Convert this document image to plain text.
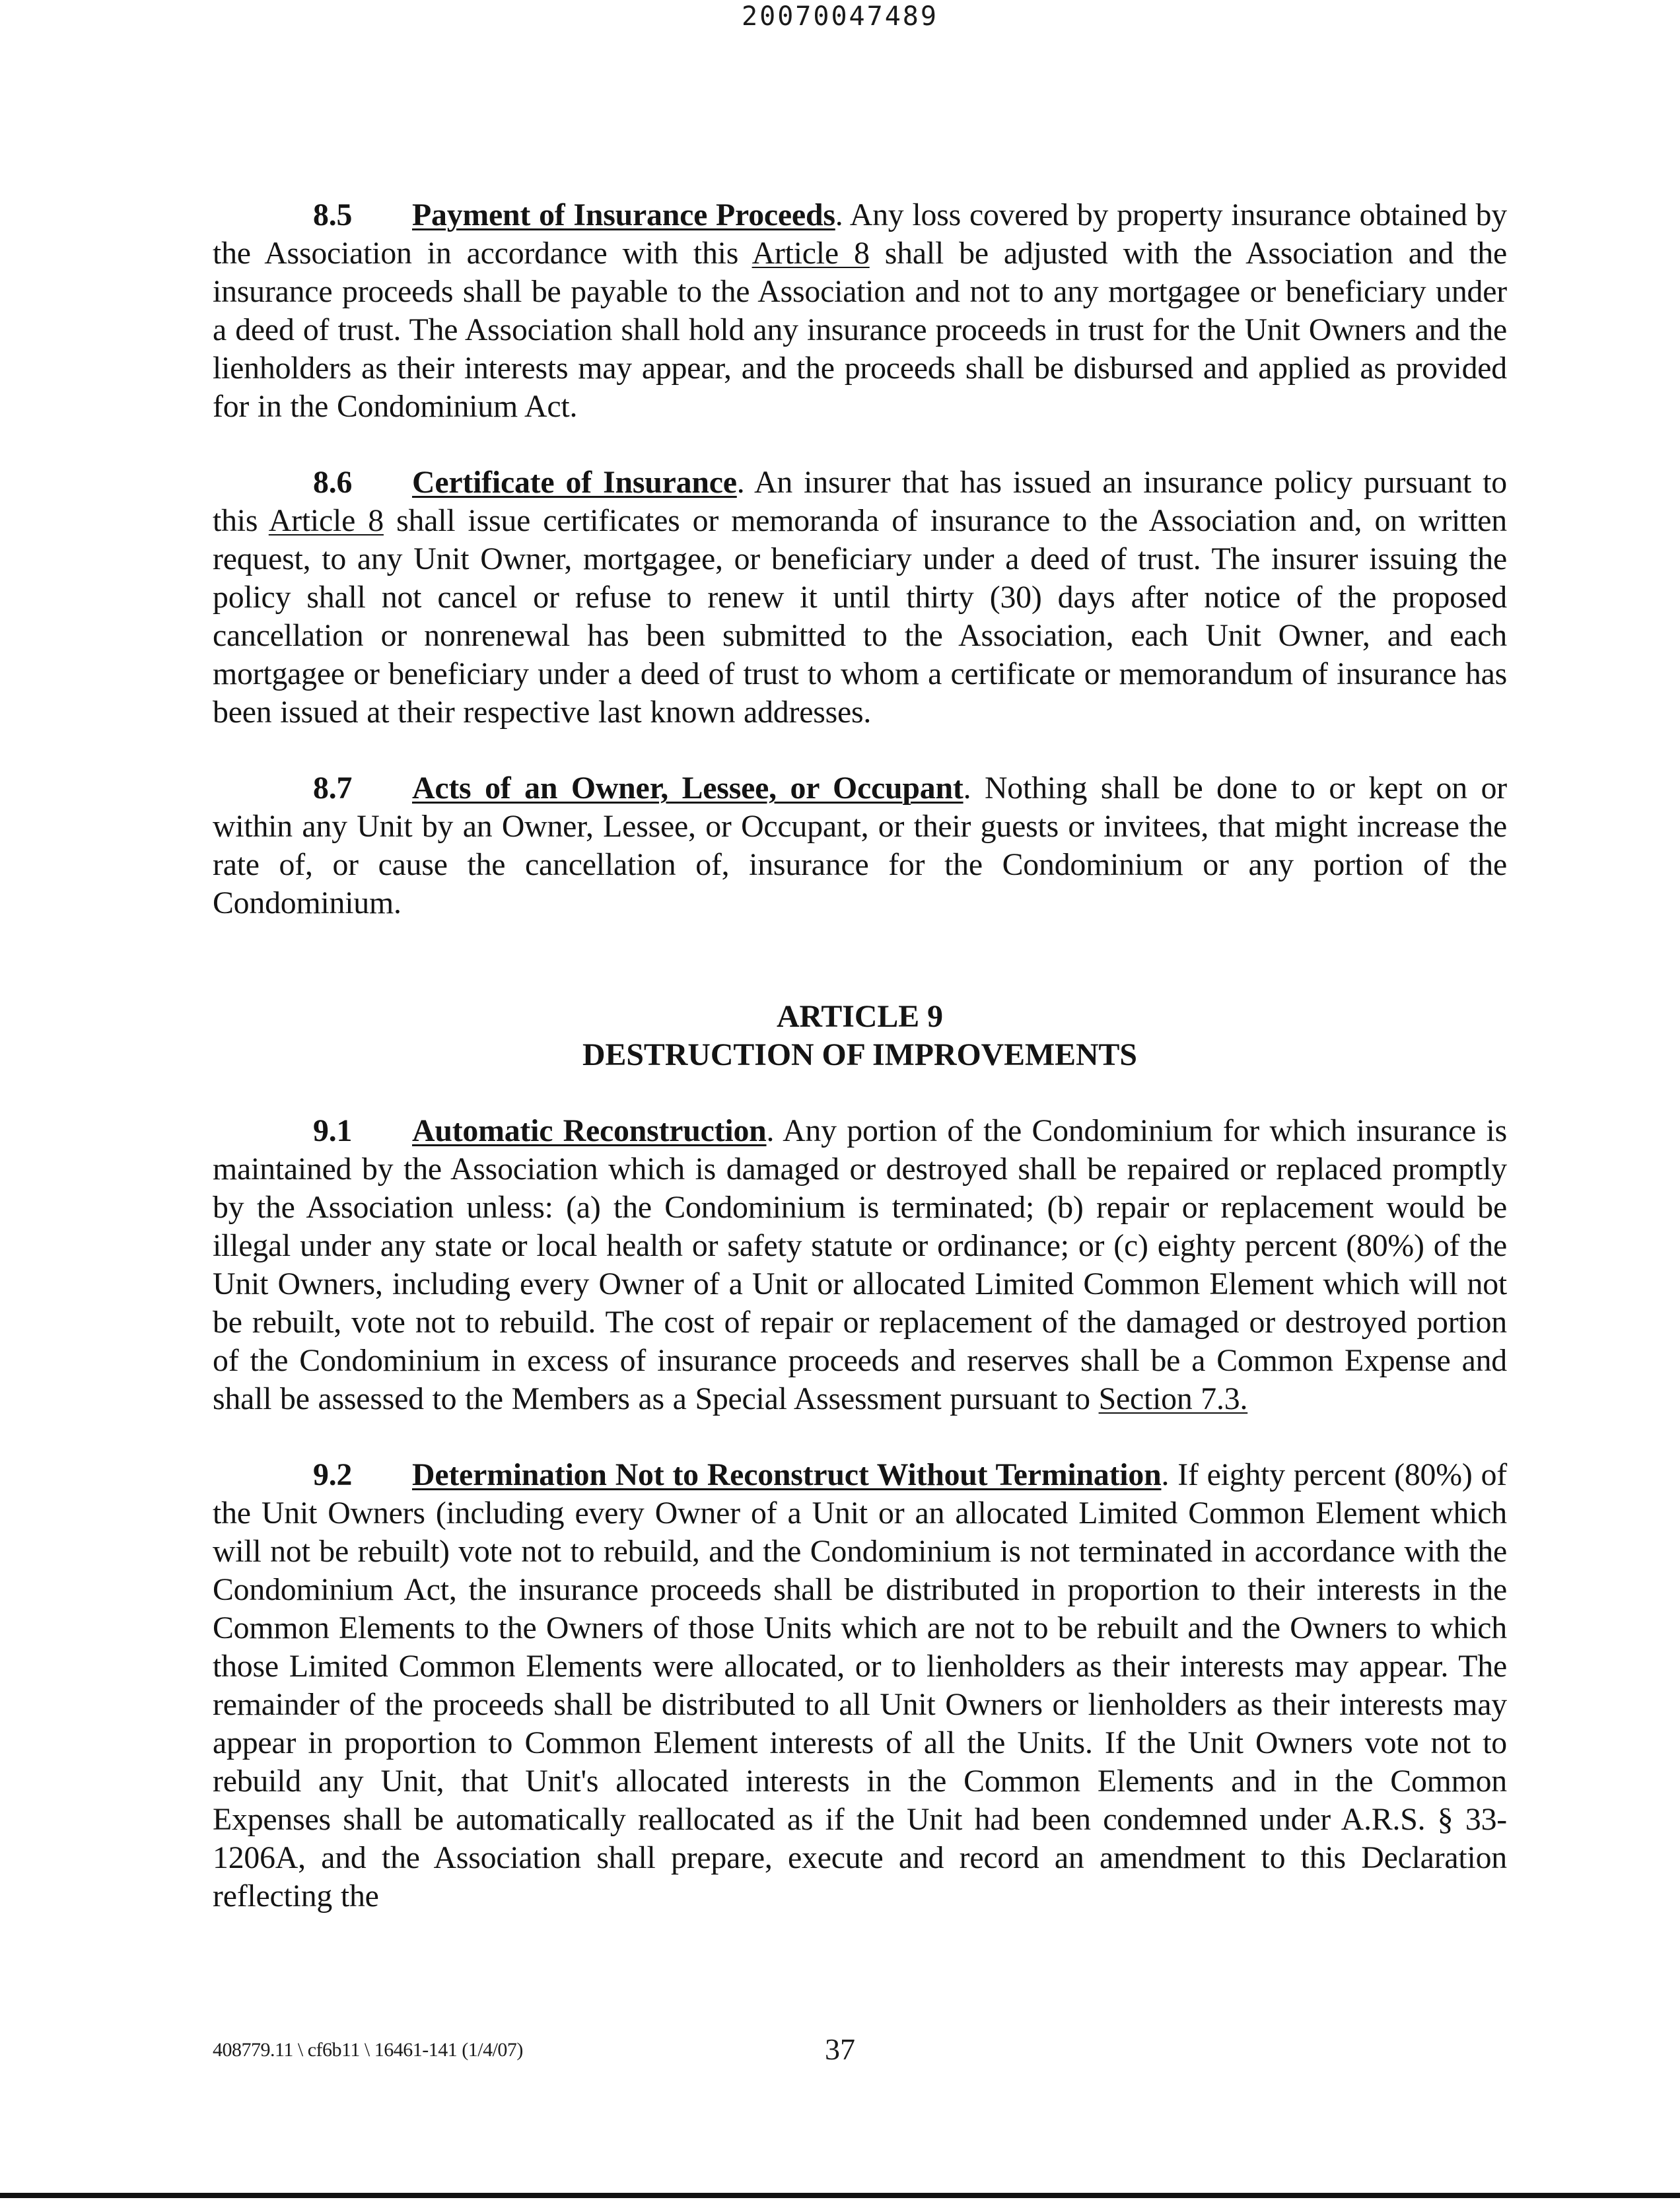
20070047489

8.5 Payment of Insurance Proceeds. Any loss covered by property insurance obtained by the Association in accordance with this Article 8 shall be adjusted with the Association and the insurance proceeds shall be payable to the Association and not to any mortgagee or beneficiary under a deed of trust. The Association shall hold any insurance proceeds in trust for the Unit Owners and the lienholders as their interests may appear, and the proceeds shall be disbursed and applied as provided for in the Condominium Act.

8.6 Certificate of Insurance. An insurer that has issued an insurance policy pursuant to this Article 8 shall issue certificates or memoranda of insurance to the Association and, on written request, to any Unit Owner, mortgagee, or beneficiary under a deed of trust. The insurer issuing the policy shall not cancel or refuse to renew it until thirty (30) days after notice of the proposed cancellation or nonrenewal has been submitted to the Association, each Unit Owner, and each mortgagee or beneficiary under a deed of trust to whom a certificate or memorandum of insurance has been issued at their respective last known addresses.

8.7 Acts of an Owner, Lessee, or Occupant. Nothing shall be done to or kept on or within any Unit by an Owner, Lessee, or Occupant, or their guests or invitees, that might increase the rate of, or cause the cancellation of, insurance for the Condominium or any portion of the Condominium.

ARTICLE 9

DESTRUCTION OF IMPROVEMENTS

9.1 Automatic Reconstruction. Any portion of the Condominium for which insurance is maintained by the Association which is damaged or destroyed shall be repaired or replaced promptly by the Association unless: (a) the Condominium is terminated; (b) repair or replacement would be illegal under any state or local health or safety statute or ordinance; or (c) eighty percent (80%) of the Unit Owners, including every Owner of a Unit or allocated Limited Common Element which will not be rebuilt, vote not to rebuild. The cost of repair or replacement of the damaged or destroyed portion of the Condominium in excess of insurance proceeds and reserves shall be a Common Expense and shall be assessed to the Members as a Special Assessment pursuant to Section 7.3.

9.2 Determination Not to Reconstruct Without Termination. If eighty percent (80%) of the Unit Owners (including every Owner of a Unit or an allocated Limited Common Element which will not be rebuilt) vote not to rebuild, and the Condominium is not terminated in accordance with the Condominium Act, the insurance proceeds shall be distributed in proportion to their interests in the Common Elements to the Owners of those Units which are not to be rebuilt and the Owners to which those Limited Common Elements were allocated, or to lienholders as their interests may appear. The remainder of the proceeds shall be distributed to all Unit Owners or lienholders as their interests may appear in proportion to Common Element interests of all the Units. If the Unit Owners vote not to rebuild any Unit, that Unit's allocated interests in the Common Elements and in the Common Expenses shall be automatically reallocated as if the Unit had been condemned under A.R.S. § 33-1206A, and the Association shall prepare, execute and record an amendment to this Declaration reflecting the

408779.11 \ cf6b11 \ 16461-141 (1/4/07)	37
